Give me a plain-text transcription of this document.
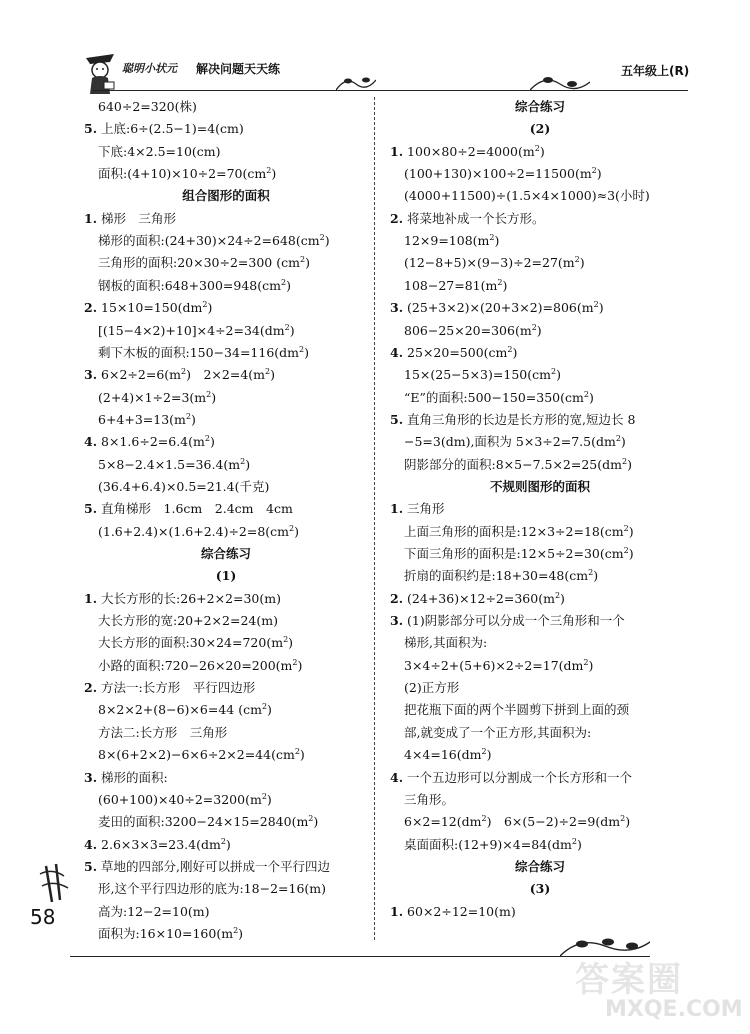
聪明小状元 解决问题天天练	五年级上(R)
640÷2=320(株)
5. 上底:6÷(2.5−1)=4(cm)
下底:4×2.5=10(cm)
面积$:(4+10)\times 10\div 2=70(cm^2)$
组合图形的面积
1. 梯形　三角形
梯形的面积$:(24+30)\times 24\div 2=648(cm^2)$
三角形的面积:20×30÷2=300 $(cm^2)$
钢板的面积$:648+300=948(cm^2)$
2. $15\times 10=150(dm^2)$
$[(15-4\times 2)+10]\times 4\div 2=34(dm^2)$
剩下木板的面积$:150-34=116(dm^2)$
3. $6\times 2\div 2=6(m^2)$　$2\times 2=4(m^2)$
$(2+4)\times 1\div 2=3(m^2)$
$6+4+3=13(m^2)$
4. $8\times 1.6\div 2=6.4(m^2)$
$5\times 8-2.4\times 1.5=36.4(m^2)$
(36.4+6.4)×0.5=21.4(千克)
5. 直角梯形　1.6cm　2.4cm　4cm
$(1.6+2.4)\times(1.6+2.4)\div 2=8(cm^2)$
综合练习
(1)
1. 大长方形的长:26+2×2=30(m)
大长方形的宽:20+2×2=24(m)
大长方形的面积$:30\times 24=720(m^2)$
小路的面积$:720-26\times 20=200(m^2)$
2. 方法一:长方形　平行四边形
8×2×2+(8−6)×6=44 $(cm^2)$
方法二:长方形　三角形
$8\times(6+2\times 2)-6\times 6\div 2\times 2=44(cm^2)$
3. 梯形的面积:
$(60+100)\times 40\div 2=3200(m^2)$
麦田的面积$:3200-24\times 15=2840(m^2)$
4. $2.6\times 3\times 3=23.4(dm^2)$
5. 草地的四部分,刚好可以拼成一个平行四边
形,这个平行四边形的底为:18−2=16(m)
高为:12−2=10(m)
面积为$:16\times 10=160(m^2)$
综合练习
(2)
1. $100\times 80\div 2=4000(m^2)$
$(100+130)\times 100\div 2=11500(m^2)$
(4000+11500)÷(1.5×4×1000)≈3(小时)
2. 将菜地补成一个长方形。
$12\times 9=108(m^2)$
$(12-8+5)\times(9-3)\div 2=27(m^2)$
$108-27=81(m^2)$
3. $(25+3\times 2)\times(20+3\times 2)=806(m^2)$
$806-25\times 20=306(m^2)$
4. $25\times 20=500(cm^2)$
$15\times(25-5\times 3)=150(cm^2)$
“E”的面积$:500-150=350(cm^2)$
5. 直角三角形的长边是长方形的宽,短边长 8
−5=3(dm),面积为 $5\times 3\div 2=7.5(dm^2)$
阴影部分的面积$:8\times 5-7.5\times 2=25(dm^2)$
不规则图形的面积
1. 三角形
上面三角形的面积是$:12\times 3\div 2=18(cm^2)$
下面三角形的面积是$:12\times 5\div 2=30(cm^2)$
折扇的面积约是$:18+30=48(cm^2)$
2. $(24+36)\times 12\div 2=360(m^2)$
3. (1)阴影部分可以分成一个三角形和一个
梯形,其面积为:
$3\times 4\div 2+(5+6)\times 2\div 2=17(dm^2)$
(2)正方形
把花瓶下面的两个半圆剪下拼到上面的颈
部,就变成了一个正方形,其面积为:
$4\times 4=16(dm^2)$
4. 一个五边形可以分割成一个长方形和一个
三角形。
$6\times 2=12(dm^2)$　$6\times(5-2)\div 2=9(dm^2)$
桌面面积$:(12+9)\times 4=84(dm^2)$
综合练习
(3)
1. 60×2÷12=10(m)
58
答案圈
MXQE.COM
